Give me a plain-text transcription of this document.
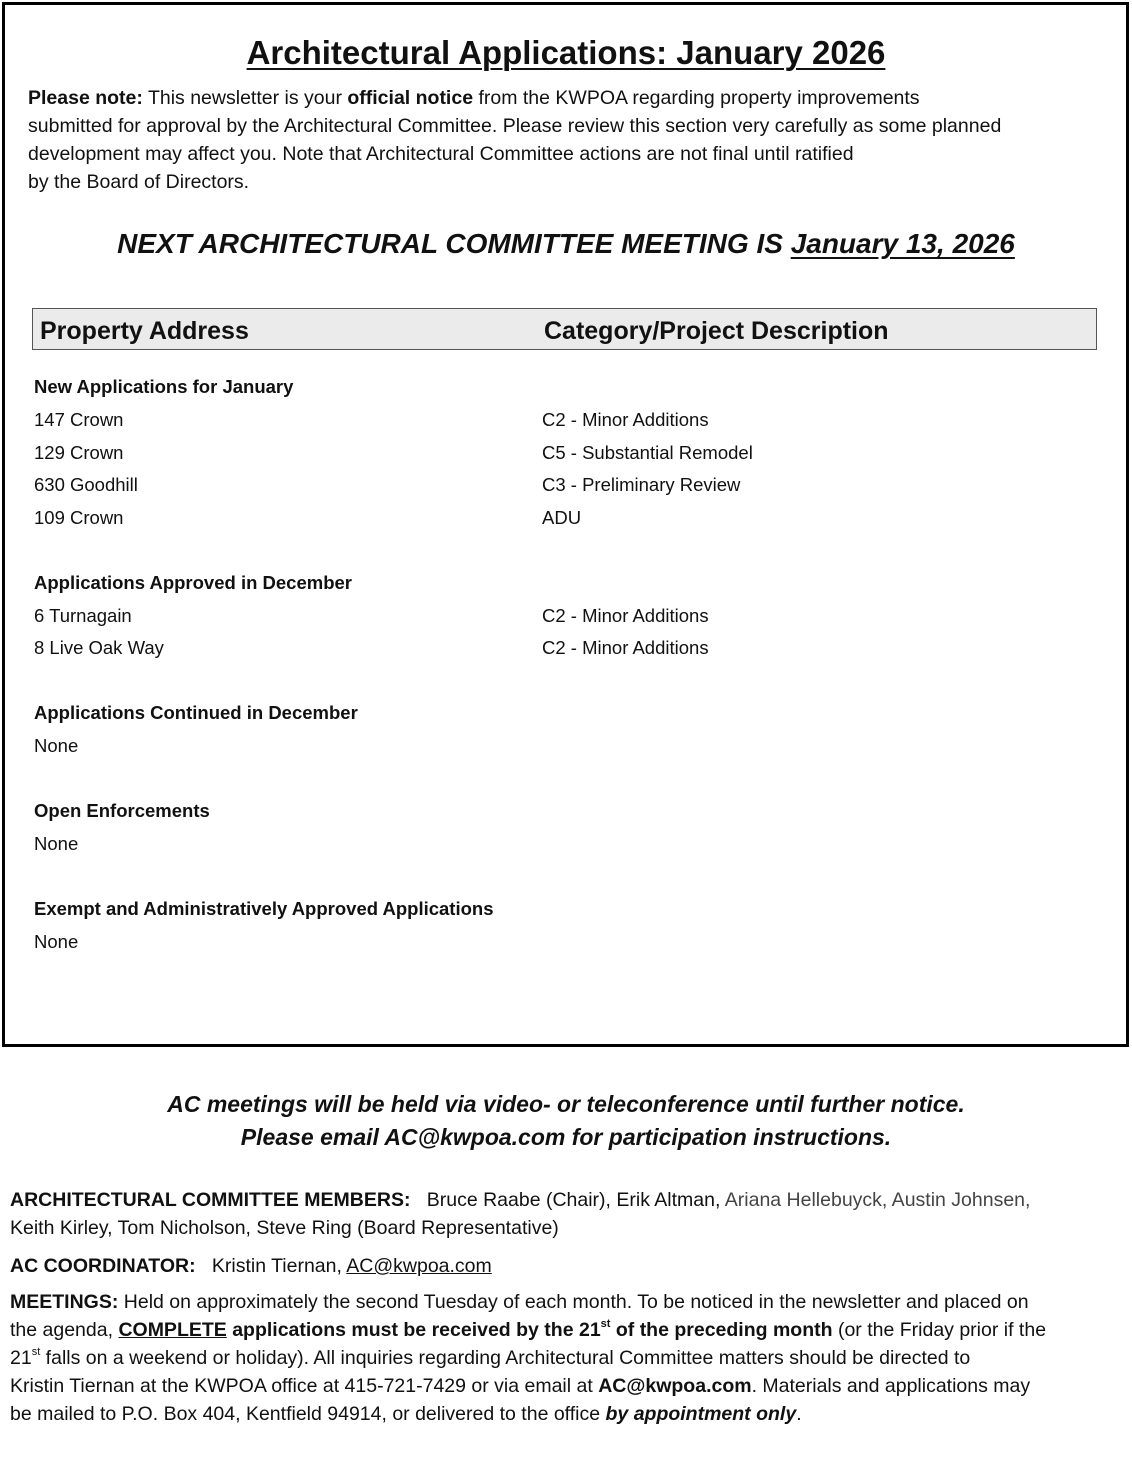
Architectural Applications: January 2026
Please note: This newsletter is your official notice from the KWPOA regarding property improvements
submitted for approval by the Architectural Committee. Please review this section very carefully as some planned
development may affect you. Note that Architectural Committee actions are not final until ratified
by the Board of Directors.
NEXT ARCHITECTURAL COMMITTEE MEETING IS January 13, 2026
Property Address	Category/Project Description
New Applications for January
147 Crown	C2 - Minor Additions
129 Crown	C5 - Substantial Remodel
630 Goodhill	C3 - Preliminary Review
109 Crown	ADU
Applications Approved in December
6 Turnagain	C2 - Minor Additions
8 Live Oak Way	C2 - Minor Additions
Applications Continued in December
None
Open Enforcements
None
Exempt and Administratively Approved Applications
None
AC meetings will be held via video- or teleconference until further notice.
Please email AC@kwpoa.com for participation instructions.
ARCHITECTURAL COMMITTEE MEMBERS:   Bruce Raabe (Chair), Erik Altman, Ariana Hellebuyck, Austin Johnsen,
Keith Kirley, Tom Nicholson, Steve Ring (Board Representative)
AC COORDINATOR:   Kristin Tiernan, AC@kwpoa.com
MEETINGS: Held on approximately the second Tuesday of each month. To be noticed in the newsletter and placed on
the agenda, COMPLETE applications must be received by the 21st of the preceding month (or the Friday prior if the
21st falls on a weekend or holiday). All inquiries regarding Architectural Committee matters should be directed to
Kristin Tiernan at the KWPOA office at 415-721-7429 or via email at AC@kwpoa.com. Materials and applications may
be mailed to P.O. Box 404, Kentfield 94914, or delivered to the office by appointment only.
